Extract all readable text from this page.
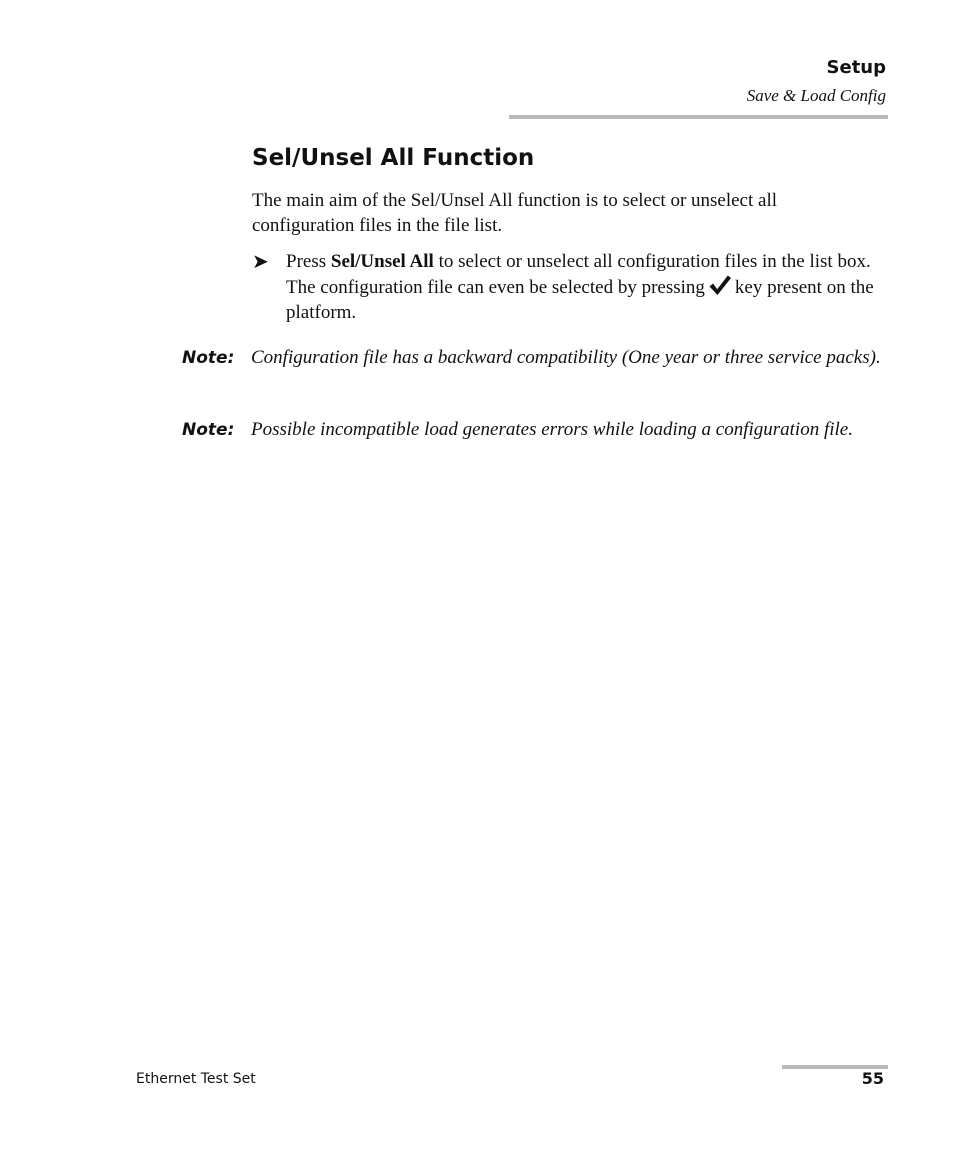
Setup
Save & Load Config
Sel/Unsel All Function

The main aim of the Sel/Unsel All function is to select or unselect all configuration files in the file list.

➤ Press Sel/Unsel All to select or unselect all configuration files in the list box. The configuration file can even be selected by pressing key present on the platform.

Note: Configuration file has a backward compatibility (One year or three service packs).

Note: Possible incompatible load generates errors while loading a configuration file.

Ethernet Test Set	55
